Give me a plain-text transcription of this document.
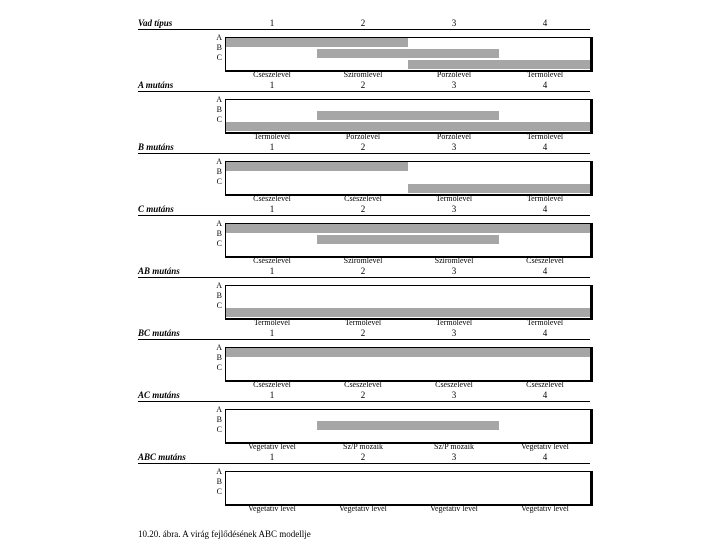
Vad típus	1	2	3	4
A
B
C
Csészelevél	Sziromlevél	Porzólevél	Termőlevél
A mutáns	1	2	3	4
A
B
C
Termőlevél	Porzólevél	Porzólevél	Termőlevél
B mutáns	1	2	3	4
A
B
C
Csészelevél	Csészelevél	Termőlevél	Termőlevél
C mutáns	1	2	3	4
A
B
C
Csészelevél	Sziromlevél	Sziromlevél	Csészelevél
AB mutáns	1	2	3	4
A
B
C
Termőlevél	Termőlevél	Termőlevél	Termőlevél
BC mutáns	1	2	3	4
A
B
C
Csészelevél	Csészelevél	Csészelevél	Csészelevél
AC mutáns	1	2	3	4
A
B
C
Vegetatív levél	Sz/P mozaik	Sz/P mozaik	Vegetatív levél
ABC mutáns	1	2	3	4
A
B
C
Vegetatív levél	Vegetatív levél	Vegetatív levél	Vegetatív levél
10.20. ábra. A virág fejlődésének ABC modellje
